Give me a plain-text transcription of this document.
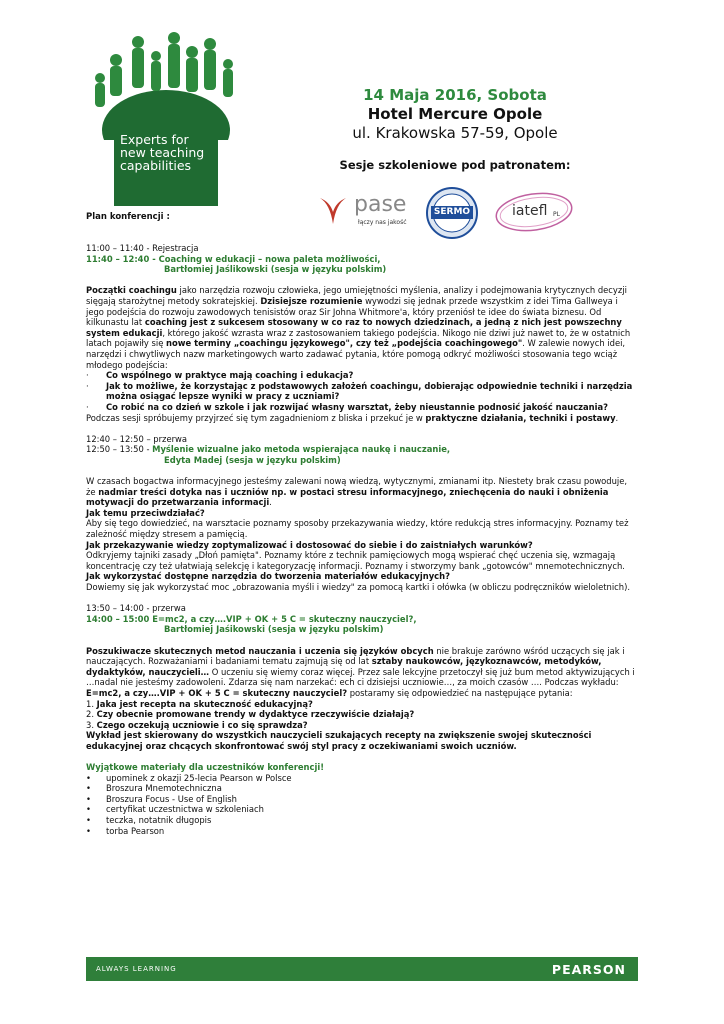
Experts for
new teaching
capabilities
14 Maja 2016, Sobota
Hotel Mercure Opole
ul. Krakowska 57-59, Opole
Sesje szkoleniowe pod patronatem:
pase
łączy nas jakość
SERMO	iatefl PL
Plan konferencji :

11:00 – 11:40 - Rejestracja

11:40 – 12:40 - Coaching w edukacji – nowa paleta możliwości,

Bartłomiej Jaślikowski (sesja w języku polskim)

Początki coachingu jako narzędzia rozwoju człowieka, jego umiejętności myślenia, analizy i podejmowania krytycznych decyzji sięgają starożytnej metody sokratejskiej. Dzisiejsze rozumienie wywodzi się jednak przede wszystkim z idei Tima Gallweya i jego podejścia do rozwoju zawodowych tenisistów oraz Sir Johna Whitmore'a, który przeniósł te idee do świata biznesu. Od kilkunastu lat coaching jest z sukcesem stosowany w co raz to nowych dziedzinach, a jedną z nich jest powszechny system edukacji, którego jakość wzrasta wraz z zastosowaniem takiego podejścia. Nikogo nie dziwi już nawet to, że w ostatnich latach pojawiły się nowe terminy „coachingu językowego", czy też „podejścia coachingowego". W zalewie nowych idei, narzędzi i chwytliwych nazw marketingowych warto zadawać pytania, które pomogą odkryć możliwości stosowania tego wciąż młodego podejścia:

·	Co wspólnego w praktyce mają coaching i edukacja?
·	Jak to możliwe, że korzystając z podstawowych założeń coachingu, dobierając odpowiednie techniki i narzędzia można osiągać lepsze wyniki w pracy z uczniami?
·	Co robić na co dzień w szkole i jak rozwijać własny warsztat, żeby nieustannie podnosić jakość nauczania?

Podczas sesji spróbujemy przyjrzeć się tym zagadnieniom z bliska i przekuć je w praktyczne działania, techniki i postawy.

12:40 – 12:50 – przerwa

12:50 – 13:50 - Myślenie wizualne jako metoda wspierająca naukę i nauczanie,

Edyta Madej (sesja w języku polskim)

W czasach bogactwa informacyjnego jesteśmy zalewani nową wiedzą, wytycznymi, zmianami itp. Niestety brak czasu powoduje, że nadmiar treści dotyka nas i uczniów np. w postaci stresu informacyjnego, zniechęcenia do nauki i obniżenia motywacji do przetwarzania informacji.

Jak temu przeciwdziałać?

Aby się tego dowiedzieć, na warsztacie poznamy sposoby przekazywania wiedzy, które redukcją stres informacyjny. Poznamy też zależność między stresem a pamięcią.

Jak przekazywanie wiedzy zoptymalizować i dostosować do siebie i do zaistniałych warunków?

Odkryjemy tajniki zasady „Dłoń pamięta". Poznamy które z technik pamięciowych mogą wspierać chęć uczenia się, wzmagają koncentrację czy też ułatwiają selekcję i kategoryzację informacji. Poznamy i stworzymy bank „gotowców" mnemotechnicznych.

Jak wykorzystać dostępne narzędzia do tworzenia materiałów edukacyjnych?

Dowiemy się jak wykorzystać moc „obrazowania myśli i wiedzy" za pomocą kartki i ołówka (w obliczu podręczników wieloletnich).

13:50 – 14:00 - przerwa

14:00 – 15:00 E=mc2, a czy….VIP + OK + 5 C = skuteczny nauczyciel?,

Bartłomiej Jaśikowski (sesja w języku polskim)

Poszukiwacze skutecznych metod nauczania i uczenia się języków obcych nie brakuje zarówno wśród uczących się jak i nauczających. Rozważaniami i badaniami tematu zajmują się od lat sztaby naukowców, językoznawców, metodyków, dydaktyków, nauczycieli… O uczeniu się wiemy coraz więcej. Przez sale lekcyjne przetoczył się już bum metod aktywizujących i …nadal nie jesteśmy zadowoleni. Zdarza się nam narzekać: ech ci dzisiejsi uczniowie…, za moich czasów …. Podczas wykładu: E=mc2, a czy….VIP + OK + 5 C = skuteczny nauczyciel? postaramy się odpowiedzieć na następujące pytania:

1. Jaka jest recepta na skuteczność edukacyjną?

2. Czy obecnie promowane trendy w dydaktyce rzeczywiście działają?

3. Czego oczekują uczniowie i co się sprawdza?

Wykład jest skierowany do wszystkich nauczycieli szukających recepty na zwiększenie swojej skuteczności edukacyjnej oraz chcących skonfrontować swój styl pracy z oczekiwaniami swoich uczniów.

Wyjątkowe materiały dla uczestników konferencji!

•	upominek z okazji 25-lecia Pearson w Polsce
•	Broszura Mnemotechniczna
•	Broszura Focus - Use of English
•	certyfikat uczestnictwa w szkoleniach
•	teczka, notatnik długopis
•	torba Pearson
ALWAYS LEARNING	PEARSON
